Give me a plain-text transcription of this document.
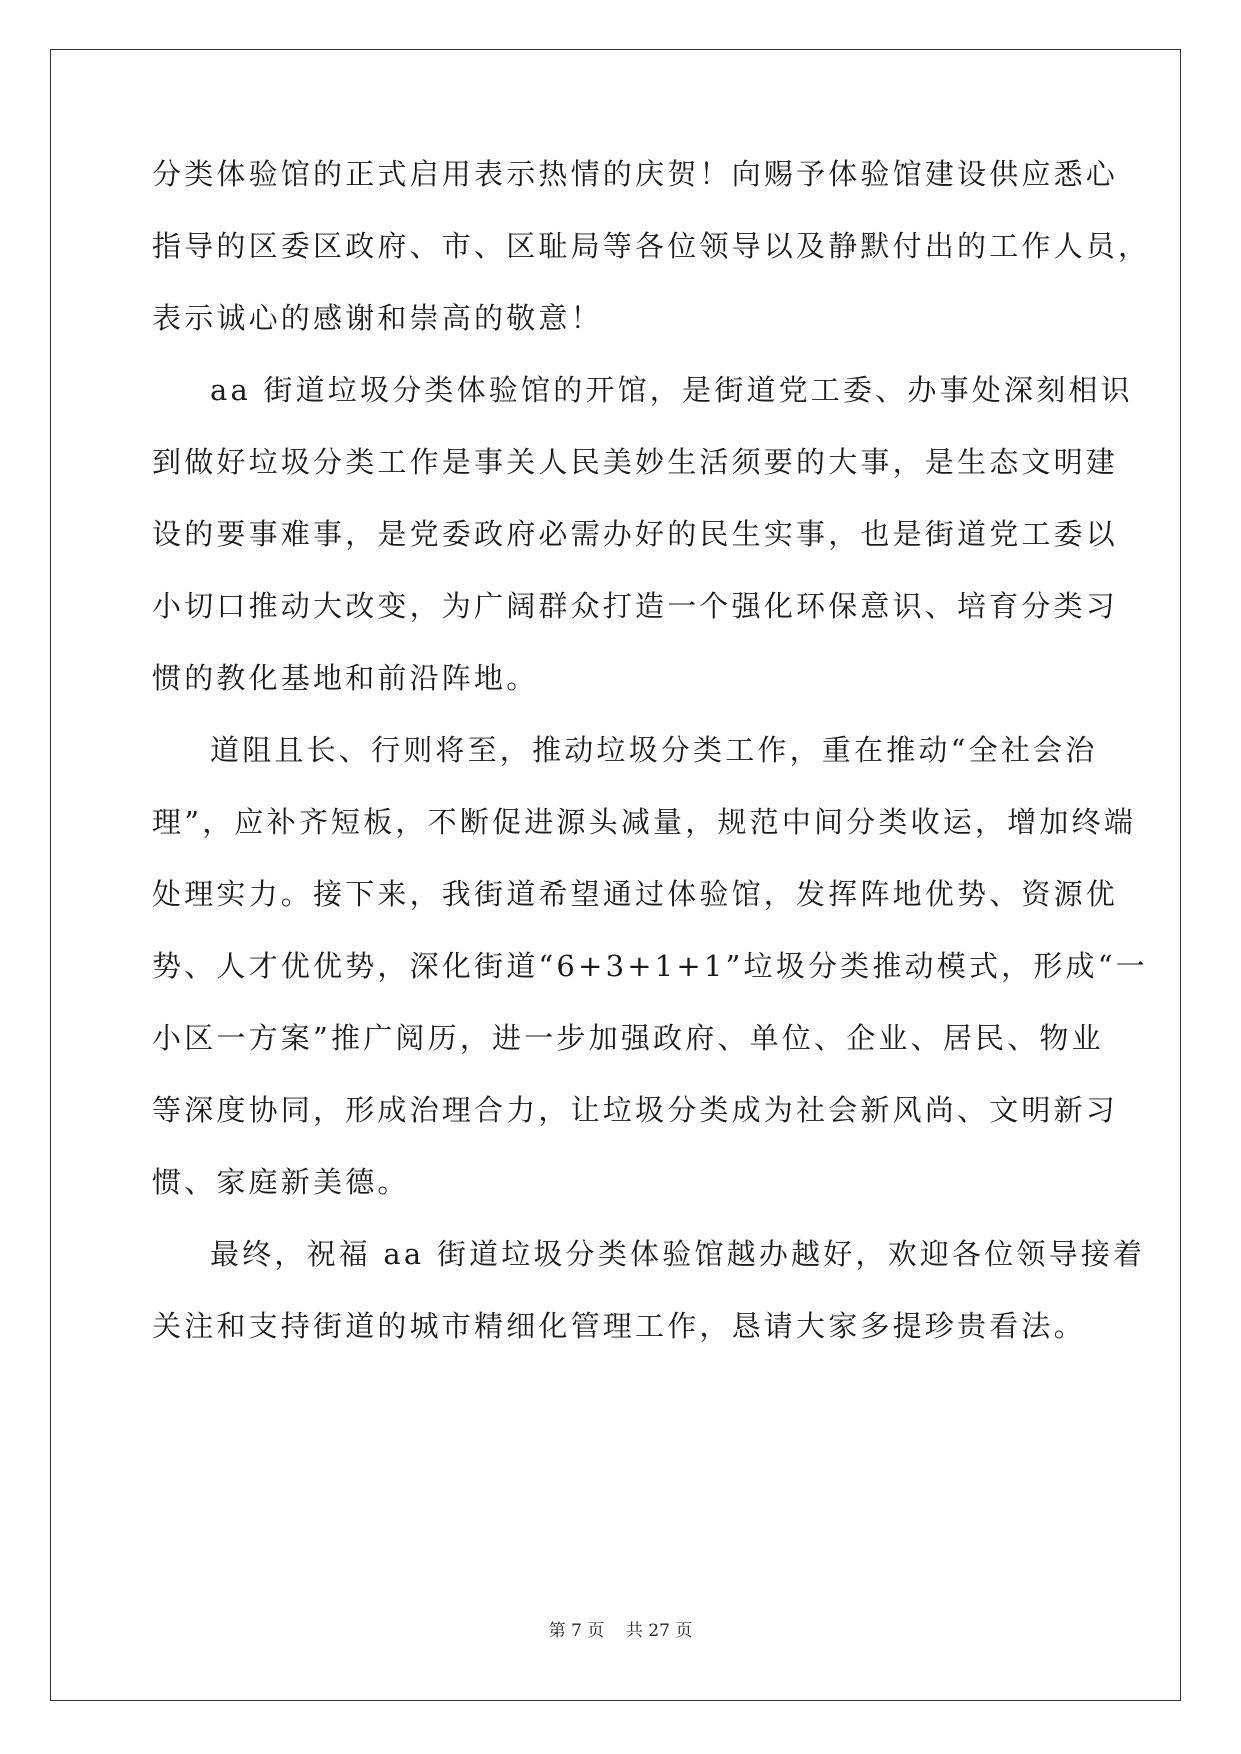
分类体验馆的正式启用表示热情的庆贺！向赐予体验馆建设供应悉心
指导的区委区政府、市、区耻局等各位领导以及静默付出的工作人员，
表示诚心的感谢和崇高的敬意！
aa 街道垃圾分类体验馆的开馆，是街道党工委、办事处深刻相识
到做好垃圾分类工作是事关人民美妙生活须要的大事，是生态文明建
设的要事难事，是党委政府必需办好的民生实事，也是街道党工委以
小切口推动大改变，为广阔群众打造一个强化环保意识、培育分类习
惯的教化基地和前沿阵地。
道阻且长、行则将至，推动垃圾分类工作，重在推动“全社会治
理”，应补齐短板，不断促进源头减量，规范中间分类收运，增加终端
处理实力。接下来，我街道希望通过体验馆，发挥阵地优势、资源优
势、人才优优势，深化街道“6+3+1+1”垃圾分类推动模式，形成“一
小区一方案”推广阅历，进一步加强政府、单位、企业、居民、物业
等深度协同，形成治理合力，让垃圾分类成为社会新风尚、文明新习
惯、家庭新美德。
最终，祝福 aa 街道垃圾分类体验馆越办越好，欢迎各位领导接着
关注和支持街道的城市精细化管理工作，恳请大家多提珍贵看法。
第 7 页    共 27 页
